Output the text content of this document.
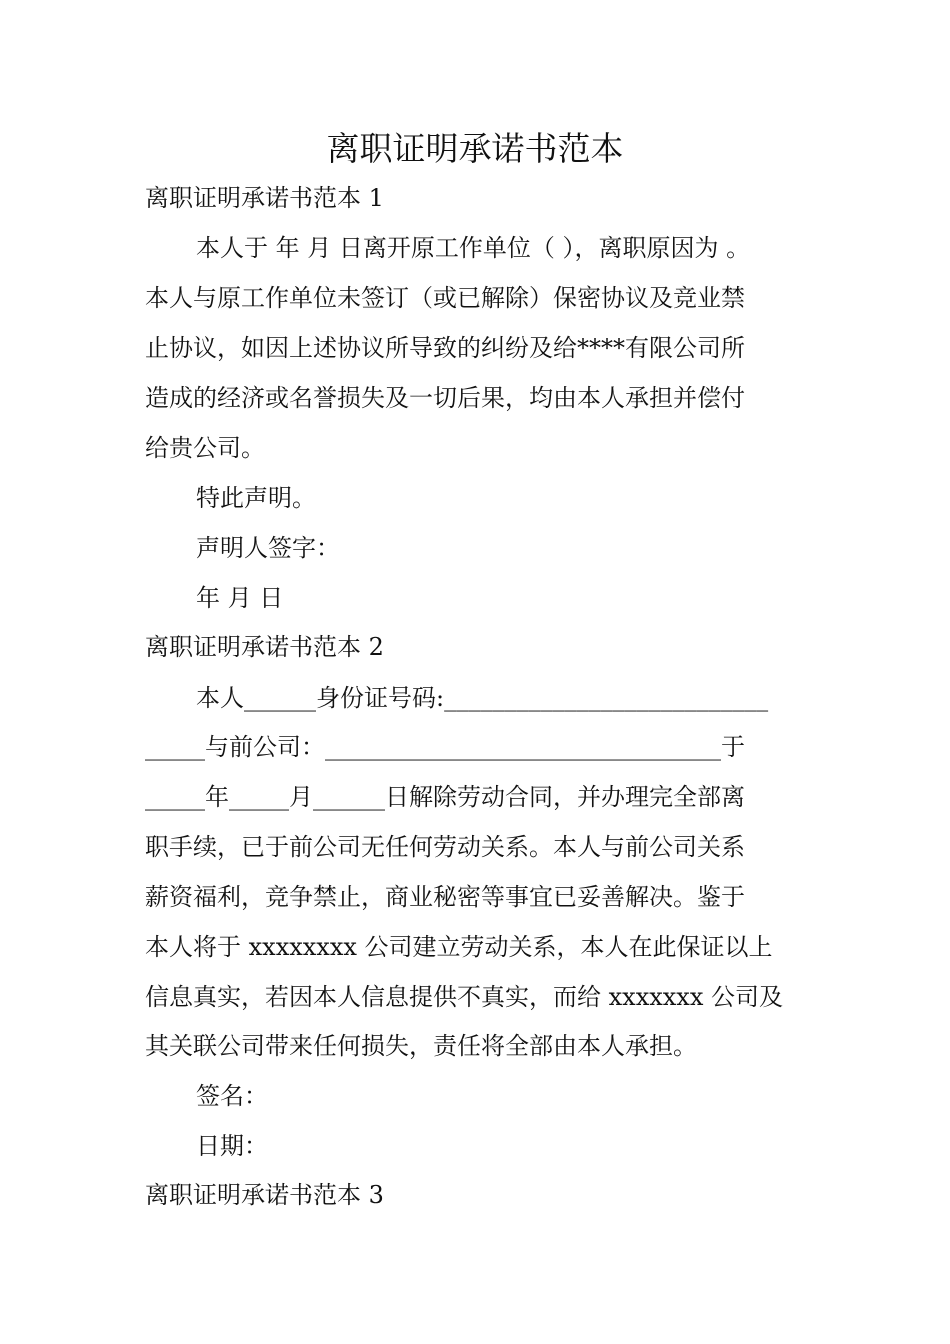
离职证明承诺书范本

离职证明承诺书范本 1

本人于 年 月 日离开原工作单位（ ），离职原因为 。

本人与原工作单位未签订（或已解除）保密协议及竞业禁

止协议，如因上述协议所导致的纠纷及给****有限公司所

造成的经济或名誉损失及一切后果，均由本人承担并偿付

给贵公司。

特此声明。

声明人签字：

年 月 日

离职证明承诺书范本 2

本人______身份证号码:___________________________

_____与前公司：_________________________________于

_____年_____月______日解除劳动合同，并办理完全部离

职手续，已于前公司无任何劳动关系。本人与前公司关系

薪资福利，竞争禁止，商业秘密等事宜已妥善解决。鉴于

本人将于 xxxxxxxx 公司建立劳动关系，本人在此保证以上

信息真实，若因本人信息提供不真实，而给 xxxxxxx 公司及

其关联公司带来任何损失，责任将全部由本人承担。

签名：

日期：

离职证明承诺书范本 3
